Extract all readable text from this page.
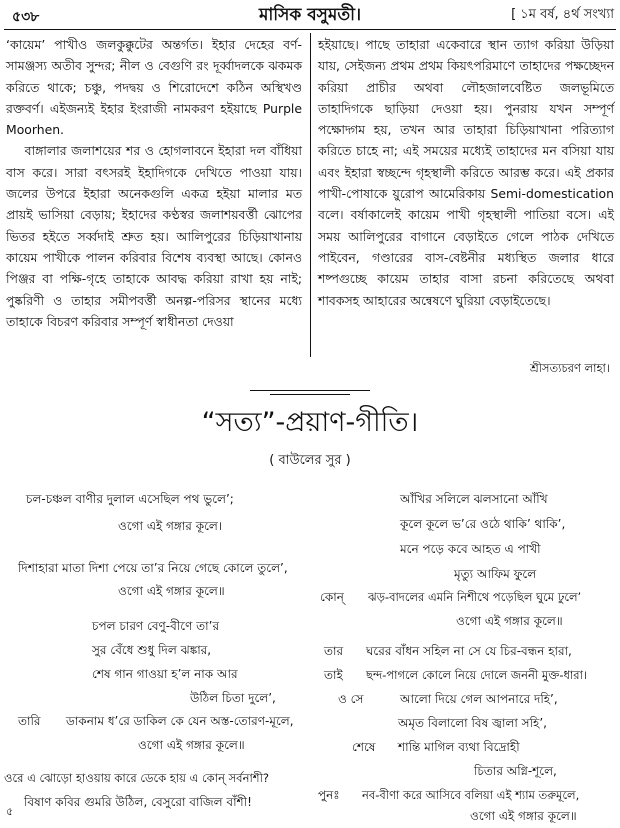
৫৩৮	মাসিক বসুমতী।	[ ১ম বর্ষ, ৪র্থ সংখ্যা

‘কায়েম’ পাখীও জলকুক্কুটের অন্তর্গত। ইহার দেহের বর্ণ-সামঞ্জস্য অতীব সুন্দর; নীল ও বেগুণি রং দূর্ব্বাদলকে ঝকমক করিতে থাকে; চঞ্চু, পদদ্বয় ও শিরোদেশে কঠিন অস্থিখণ্ড রক্তবর্ণ। এইজন্যই ইহার ইংরাজী নামকরণ হইয়াছে Purple Moorhen.

বাঙ্গালার জলাশয়ের শর ও হোগলাবনে ইহারা দল বাঁধিয়া বাস করে। সারা বৎসরই ইহাদিগকে দেখিতে পাওয়া যায়। জলের উপরে ইহারা অনেকগুলি একত্র হইয়া মালার মত প্রায়ই ভাসিয়া বেড়ায়; ইহাদের কণ্ঠস্বর জলাশয়বর্ত্তী ঝোপের ভিতর হইতে সর্ব্বদাই শ্রুত হয়। আলিপুরের চিড়িয়াখানায় কায়েম পাখীকে পালন করিবার বিশেষ ব্যবস্থা আছে। কোনও পিঞ্জর বা পক্ষি-গৃহে তাহাকে আবদ্ধ করিয়া রাখা হয় নাই; পুষ্করিণী ও তাহার সমীপবর্ত্তী অনল্প-পরিসর স্থানের মধ্যে তাহাকে বিচরণ করিবার সম্পূর্ণ স্বাধীনতা দেওয়া

হইয়াছে। পাছে তাহারা একেবারে স্থান ত্যাগ করিয়া উড়িয়া যায়, সেইজন্য প্রথম প্রথম কিয়ৎপরিমাণে তাহাদের পক্ষচ্ছেদন করিয়া প্রাচীর অথবা লৌহজালবেষ্টিত জলভূমিতে তাহাদিগকে ছাড়িয়া দেওয়া হয়। পুনরায় যখন সম্পূর্ণ পক্ষোদ্গম হয়, তখন আর তাহারা চিড়িয়াখানা পরিত্যাগ করিতে চাহে না; এই সময়ের মধ্যেই তাহাদের মন বসিয়া যায় এবং ইহারা স্বচ্ছন্দে গৃহস্থালী করিতে আরম্ভ করে। এই প্রকার পাখী-পোষাকে য়ুরোপ আমেরিকায় Semi-domestication বলে। বর্ষাকালেই কায়েম পাখী গৃহস্থালী পাতিয়া বসে। এই সময় আলিপুরের বাগানে বেড়াইতে গেলে পাঠক দেখিতে পাইবেন, গণ্ডারের বাস-বেষ্টনীর মধ্যস্থিত জলার ধারে শষ্পগুচ্ছে কায়েম তাহার বাসা রচনা করিতেছে অথবা শাবকসহ আহারের অন্বেষণে ঘুরিয়া বেড়াইতেছে।

শ্রীসত্যচরণ লাহা।
“সত্য”-প্রয়াণ-গীতি।
( বাউলের সুর )
চল-চঞ্চল বাণীর দুলাল এসেছিল পথ ভুলে’;
ওগো এই গঙ্গার কূলে।
দিশাহারা মাতা দিশা পেয়ে তা’র নিয়ে গেছে কোলে তুলে’,
ওগো এই গঙ্গার কূলে॥
চপল চারণ বেণু-বীণে তা’র
সুর বেঁধে শুধু দিল ঝঙ্কার,
শেষ গান গাওয়া হ’ল নাক আর
উঠিল চিতা দুলে’,
তারি ডাকনাম ধ’রে ডাকিল কে যেন অস্ত-তোরণ-মূলে,
ওগো এই গঙ্গার কূলে॥
ওরে এ ঝোড়ো হাওয়ায় কারে ডেকে হায় এ কোন্ সর্বনাশী?
বিষাণ কবির গুমরি উঠিল, বেসুরো বাজিল বাঁশী!
আঁখির সলিলে ঝলসানো আঁখি
কূলে কূলে ভ’রে ওঠে থাকি’ থাকি’,
মনে পড়ে কবে আহত এ পাখী
মৃত্যু আফিম ফুলে
কোন্ ঝড়-বাদলের এমনি নিশীথে পড়েছিল ঘুমে ঢুলে’
ওগো এই গঙ্গার কূলে॥
তার ঘরের বাঁধন সহিল না সে যে চির-বন্ধন হারা,
তাই ছন্দ-পাগলে কোলে নিয়ে দোলে জননী মুক্ত-ধারা।
ও সে	আলো দিয়ে গেল আপনারে দহি’,
অমৃত বিলালো বিষ জ্বালা সহি’,
শেষে শান্তি মাগিল ব্যথা বিদ্রোহী
চিতার অগ্নি-শূলে,
পুনঃ নব-বীণা করে আসিবে বলিয়া এই শ্যাম তরুমূলে,
ওগো এই গঙ্গার কূলে॥
৫
